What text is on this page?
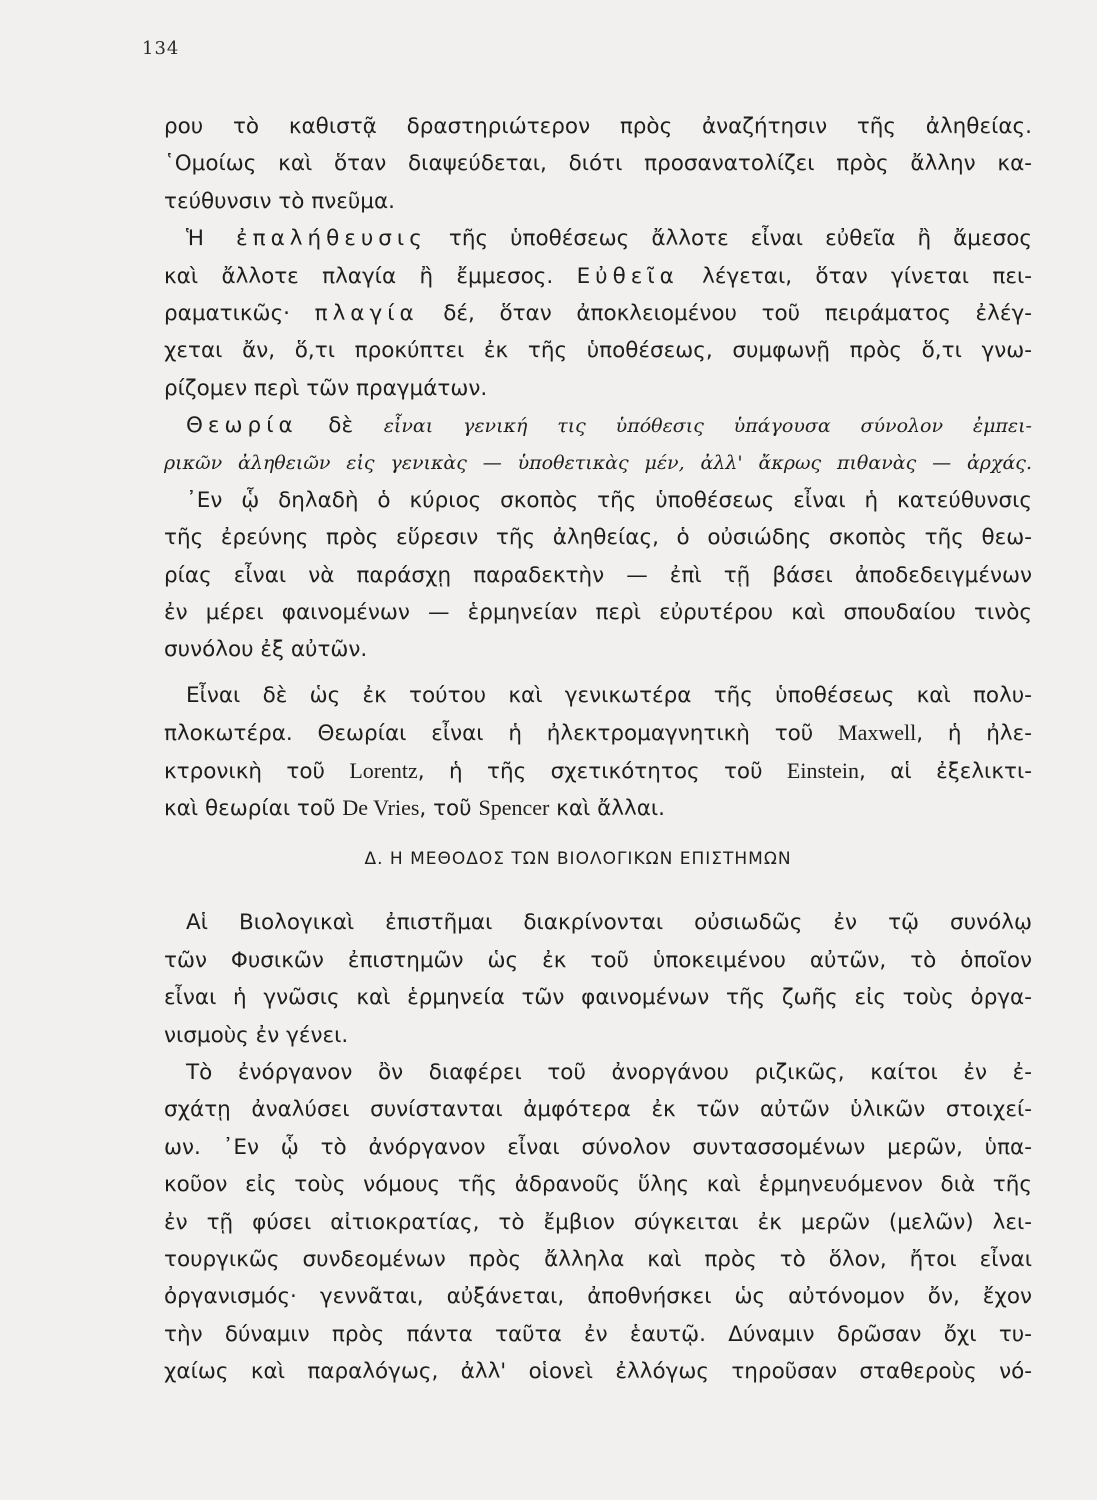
134
ρου τὸ καθιστᾷ δραστηριώτερον πρὸς ἀναζήτησιν τῆς ἀληθείας.
῾Ομοίως καὶ ὅταν διαψεύδεται, διότι προσανατολίζει πρὸς ἄλλην κα-
τεύθυνσιν τὸ πνεῦμα.
Ἡ ἐπαλήθευσις τῆς ὑποθέσεως ἄλλοτε εἶναι εὐθεῖα ἢ ἄμεσος
καὶ ἄλλοτε πλαγία ἢ ἔμμεσος. Εὐθεῖα λέγεται, ὅταν γίνεται πει-
ραματικῶς· πλαγία δέ, ὅταν ἀποκλειομένου τοῦ πειράματος ἐλέγ-
χεται ἄν, ὅ,τι προκύπτει ἐκ τῆς ὑποθέσεως, συμφωνῇ πρὸς ὅ,τι γνω-
ρίζομεν περὶ τῶν πραγμάτων.
Θεωρία δὲ εἶναι γενική τις ὑπόθεσις ὑπάγουσα σύνολον ἐμπει-
ρικῶν ἀληθειῶν εἰς γενικὰς — ὑποθετικὰς μέν, ἀλλ' ἄκρως πιθανὰς — ἀρχάς.
᾿Εν ᾧ δηλαδὴ ὁ κύριος σκοπὸς τῆς ὑποθέσεως εἶναι ἡ κατεύθυνσις
τῆς ἐρεύνης πρὸς εὕρεσιν τῆς ἀληθείας, ὁ οὐσιώδης σκοπὸς τῆς θεω-
ρίας εἶναι νὰ παράσχῃ παραδεκτὴν — ἐπὶ τῇ βάσει ἀποδεδειγμένων
ἐν μέρει φαινομένων — ἑρμηνείαν περὶ εὐρυτέρου καὶ σπουδαίου τινὸς
συνόλου ἐξ αὐτῶν.
Εἶναι δὲ ὡς ἐκ τούτου καὶ γενικωτέρα τῆς ὑποθέσεως καὶ πολυ-
πλοκωτέρα. Θεωρίαι εἶναι ἡ ἠλεκτρομαγνητικὴ τοῦ Maxwell, ἡ ἠλε-
κτρονικὴ τοῦ Lorentz, ἡ τῆς σχετικότητος τοῦ Einstein, αἱ ἐξελικτι-
καὶ θεωρίαι τοῦ De Vries, τοῦ Spencer καὶ ἄλλαι.
Δ. Η ΜΕΘΟΔΟΣ ΤΩΝ ΒΙΟΛΟΓΙΚΩΝ ΕΠΙΣΤΗΜΩΝ
Αἱ Βιολογικαὶ ἐπιστῆμαι διακρίνονται οὐσιωδῶς ἐν τῷ συνόλῳ
τῶν Φυσικῶν ἐπιστημῶν ὡς ἐκ τοῦ ὑποκειμένου αὐτῶν, τὸ ὁποῖον
εἶναι ἡ γνῶσις καὶ ἑρμηνεία τῶν φαινομένων τῆς ζωῆς εἰς τοὺς ὀργα-
νισμοὺς ἐν γένει.
Τὸ ἐνόργανον ὂν διαφέρει τοῦ ἀνοργάνου ριζικῶς, καίτοι ἐν ἐ-
σχάτῃ ἀναλύσει συνίστανται ἀμφότερα ἐκ τῶν αὐτῶν ὑλικῶν στοιχεί-
ων. ᾿Εν ᾧ τὸ ἀνόργανον εἶναι σύνολον συντασσομένων μερῶν, ὑπα-
κοῦον εἰς τοὺς νόμους τῆς ἀδρανοῦς ὕλης καὶ ἑρμηνευόμενον διὰ τῆς
ἐν τῇ φύσει αἰτιοκρατίας, τὸ ἔμβιον σύγκειται ἐκ μερῶν (μελῶν) λει-
τουργικῶς συνδεομένων πρὸς ἄλληλα καὶ πρὸς τὸ ὅλον, ἤτοι εἶναι
ὀργανισμός· γεννᾶται, αὐξάνεται, ἀποθνήσκει ὡς αὐτόνομον ὄν, ἔχον
τὴν δύναμιν πρὸς πάντα ταῦτα ἐν ἑαυτῷ. Δύναμιν δρῶσαν ὄχι τυ-
χαίως καὶ παραλόγως, ἀλλ' οἱονεὶ ἐλλόγως τηροῦσαν σταθεροὺς νό-
